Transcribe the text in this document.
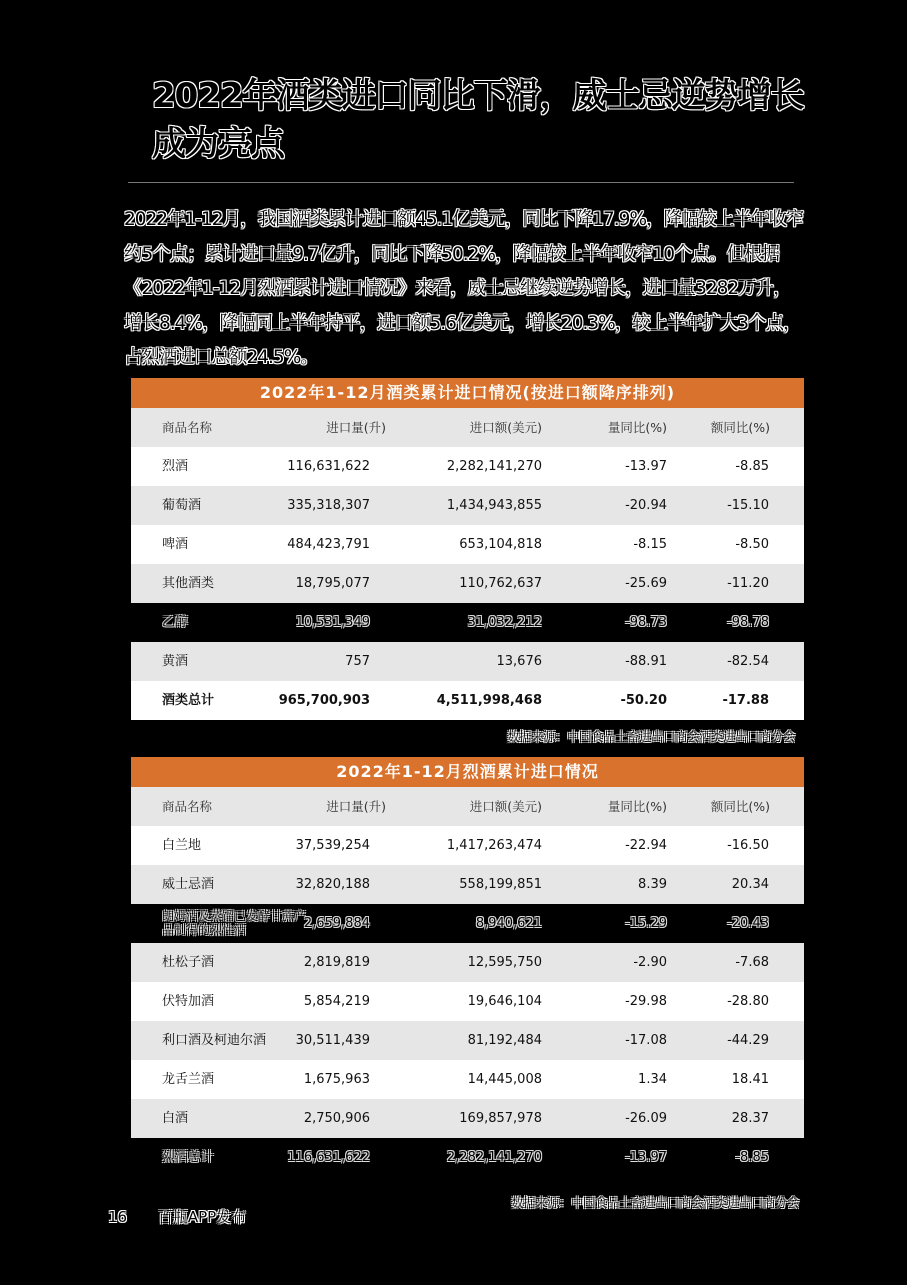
2022年酒类进口同比下滑，威士忌逆势增长成为亮点
2022年1-12月，我国酒类累计进口额45.1亿美元，同比下降17.9%，降幅较上半年收窄约5个点；累计进口量9.7亿升，同比下降50.2%，降幅较上半年收窄10个点。但根据《2022年1-12月烈酒累计进口情况》来看，威士忌继续逆势增长，进口量3282万升，增长8.4%，降幅同上半年持平，进口额5.6亿美元，增长20.3%，较上半年扩大3个点，占烈酒进口总额24.5%。
2022年1-12月酒类累计进口情况(按进口额降序排列)
商品名称	进口量(升)	进口额(美元)	量同比(%)	额同比(%)
烈酒	116,631,622	2,282,141,270	-13.97	-8.85
葡萄酒	335,318,307	1,434,943,855	-20.94	-15.10
啤酒	484,423,791	653,104,818	-8.15	-8.50
其他酒类	18,795,077	110,762,637	-25.69	-11.20
乙醇	10,531,349	31,032,212	-98.73	-98.78
黄酒	757	13,676	-88.91	-82.54
酒类总计	965,700,903	4,511,998,468	-50.20	-17.88
数据来源：中国食品土畜进出口商会酒类进出口商分会
2022年1-12月烈酒累计进口情况
商品名称	进口量(升)	进口额(美元)	量同比(%)	额同比(%)
白兰地	37,539,254	1,417,263,474	-22.94	-16.50
威士忌酒	32,820,188	558,199,851	8.39	20.34
朗姆酒及蒸馏已发酵甘蔗产品制得的烈性酒	2,659,884	8,940,621	-15.29	-20.43
杜松子酒	2,819,819	12,595,750	-2.90	-7.68
伏特加酒	5,854,219	19,646,104	-29.98	-28.80
利口酒及柯迪尔酒 30,511,439	81,192,484	-17.08	-44.29
龙舌兰酒	1,675,963	14,445,008	1.34	18.41
白酒	2,750,906	169,857,978	-26.09	28.37
烈酒总计	116,631,622	2,282,141,270	-13.97	-8.85
数据来源：中国食品土畜进出口商会酒类进出口商分会
16 百瓶APP发布
